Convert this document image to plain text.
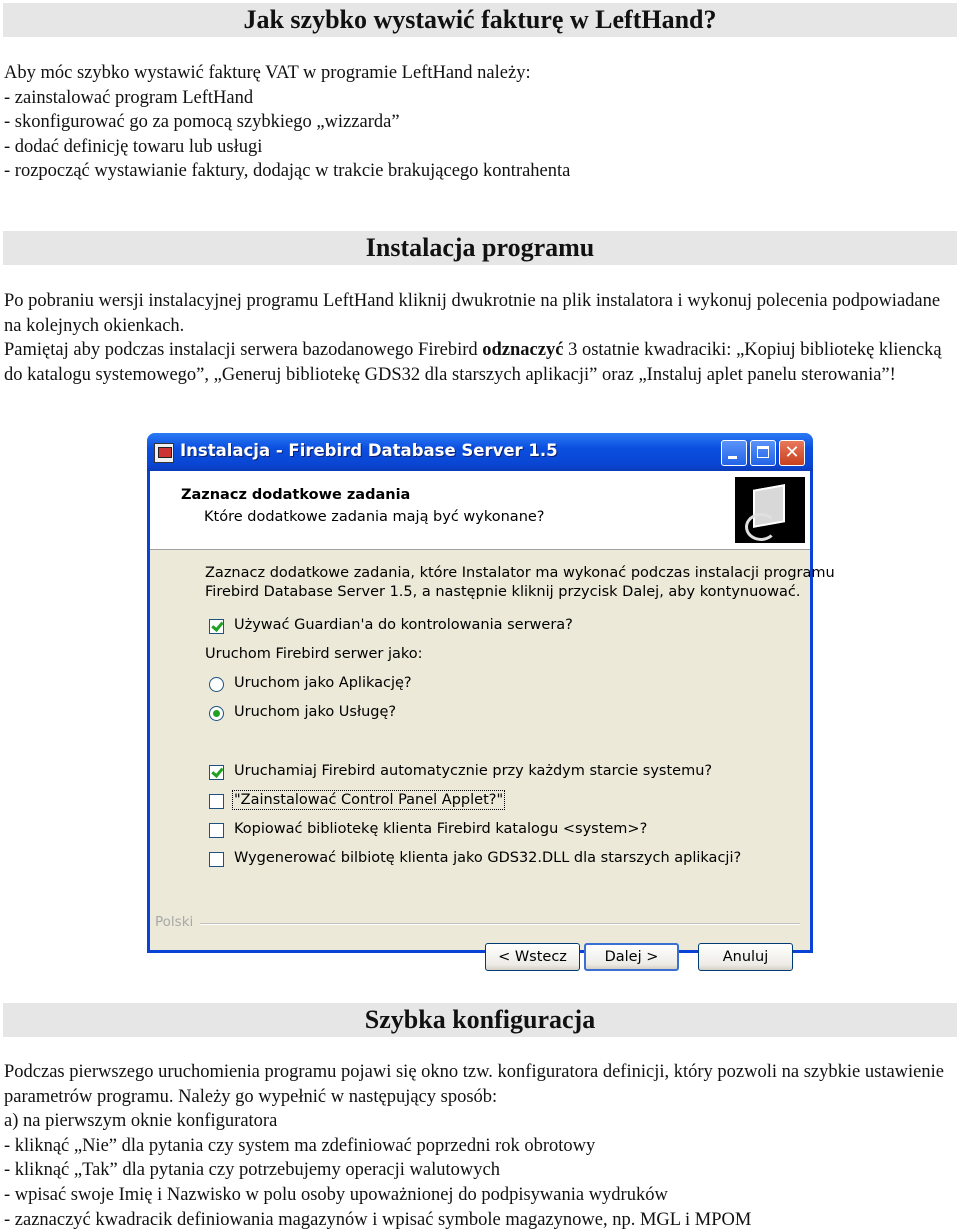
Jak szybko wystawić fakturę w LeftHand?
Aby móc szybko wystawić fakturę VAT w programie LeftHand należy:
- zainstalować program LeftHand
- skonfigurować go za pomocą szybkiego „wizzarda”
- dodać definicję towaru lub usługi
- rozpocząć wystawianie faktury, dodając w trakcie brakującego kontrahenta
Instalacja programu
Po pobraniu wersji instalacyjnej programu LeftHand kliknij dwukrotnie na plik instalatora i wykonuj polecenia podpowiadane na kolejnych okienkach.
Pamiętaj aby podczas instalacji serwera bazodanowego Firebird odznaczyć 3 ostatnie kwadraciki: „Kopiuj bibliotekę kliencką do katalogu systemowego”, „Generuj bibliotekę GDS32 dla starszych aplikacji” oraz „Instaluj aplet panelu sterowania”!
Instalacja - Firebird Database Server 1.5	✕
Zaznacz dodatkowe zadania
Które dodatkowe zadania mają być wykonane?
Zaznacz dodatkowe zadania, które Instalator ma wykonać podczas instalacji programu
Firebird Database Server 1.5, a następnie kliknij przycisk Dalej, aby kontynuować.
Używać Guardian'a do kontrolowania serwera?
Uruchom Firebird serwer jako:
Uruchom jako Aplikację?
Uruchom jako Usługę?
Uruchamiaj Firebird automatycznie przy każdym starcie systemu?
"Zainstalować Control Panel Applet?"
Kopiować bibliotekę klienta Firebird katalogu <system>?
Wygenerować bilbiotę klienta jako GDS32.DLL dla starszych aplikacji?
Polski
< Wstecz	Dalej >	Anuluj
Szybka konfiguracja
Podczas pierwszego uruchomienia programu pojawi się okno tzw. konfiguratora definicji, który pozwoli na szybkie ustawienie parametrów programu. Należy go wypełnić w następujący sposób:
a) na pierwszym oknie konfiguratora
- kliknąć „Nie” dla pytania czy system ma zdefiniować poprzedni rok obrotowy
- kliknąć „Tak” dla pytania czy potrzebujemy operacji walutowych
- wpisać swoje Imię i Nazwisko w polu osoby upoważnionej do podpisywania wydruków
- zaznaczyć kwadracik definiowania magazynów i wpisać symbole magazynowe, np. MGL i MPOM
